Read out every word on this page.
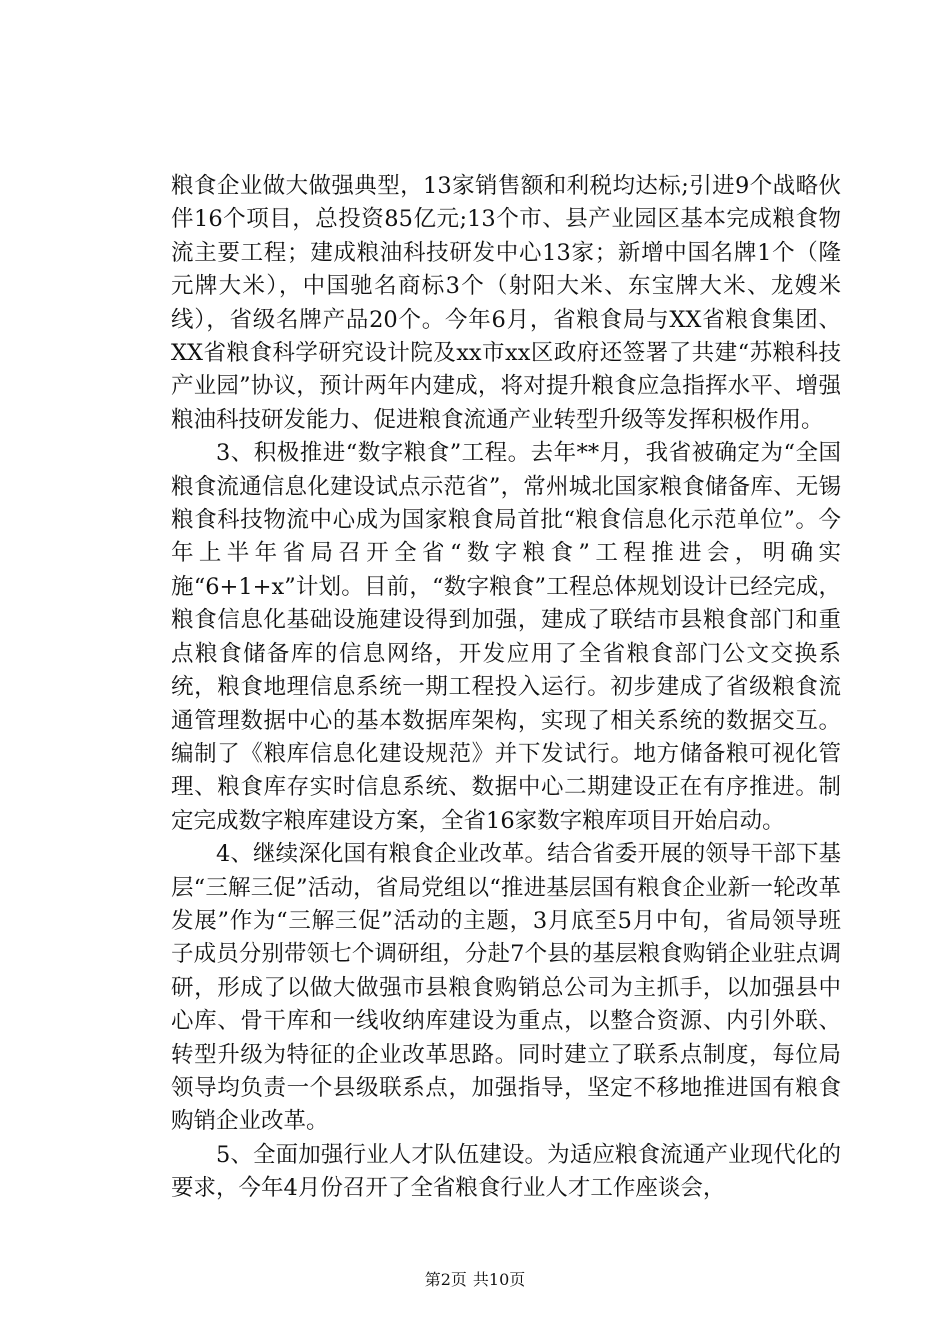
粮食企业做大做强典型，13家销售额和利税均达标;引进9个战略伙伴16个项目，总投资85亿元;13个市、县产业园区基本完成粮食物流主要工程；建成粮油科技研发中心13家；新增中国名牌1个（隆元牌大米），中国驰名商标3个（射阳大米、东宝牌大米、龙嫂米线），省级名牌产品20个。今年6月，省粮食局与XX省粮食集团、XX省粮食科学研究设计院及xx市xx区政府还签署了共建“苏粮科技产业园”协议，预计两年内建成，将对提升粮食应急指挥水平、增强粮油科技研发能力、促进粮食流通产业转型升级等发挥积极作用。

3、积极推进“数字粮食”工程。去年**月，我省被确定为“全国粮食流通信息化建设试点示范省”，常州城北国家粮食储备库、无锡粮食科技物流中心成为国家粮食局首批“粮食信息化示范单位”。今年上半年省局召开全省“数字粮食”工程推进会，明确实施“6+1+x”计划。目前，“数字粮食”工程总体规划设计已经完成，粮食信息化基础设施建设得到加强，建成了联结市县粮食部门和重点粮食储备库的信息网络，开发应用了全省粮食部门公文交换系统，粮食地理信息系统一期工程投入运行。初步建成了省级粮食流通管理数据中心的基本数据库架构，实现了相关系统的数据交互。编制了《粮库信息化建设规范》并下发试行。地方储备粮可视化管理、粮食库存实时信息系统、数据中心二期建设正在有序推进。制定完成数字粮库建设方案，全省16家数字粮库项目开始启动。

4、继续深化国有粮食企业改革。结合省委开展的领导干部下基层“三解三促”活动，省局党组以“推进基层国有粮食企业新一轮改革发展”作为“三解三促”活动的主题，3月底至5月中旬，省局领导班子成员分别带领七个调研组，分赴7个县的基层粮食购销企业驻点调研，形成了以做大做强市县粮食购销总公司为主抓手，以加强县中心库、骨干库和一线收纳库建设为重点，以整合资源、内引外联、转型升级为特征的企业改革思路。同时建立了联系点制度，每位局领导均负责一个县级联系点，加强指导，坚定不移地推进国有粮食购销企业改革。

5、全面加强行业人才队伍建设。为适应粮食流通产业现代化的要求，今年4月份召开了全省粮食行业人才工作座谈会，

第2页 共10页
